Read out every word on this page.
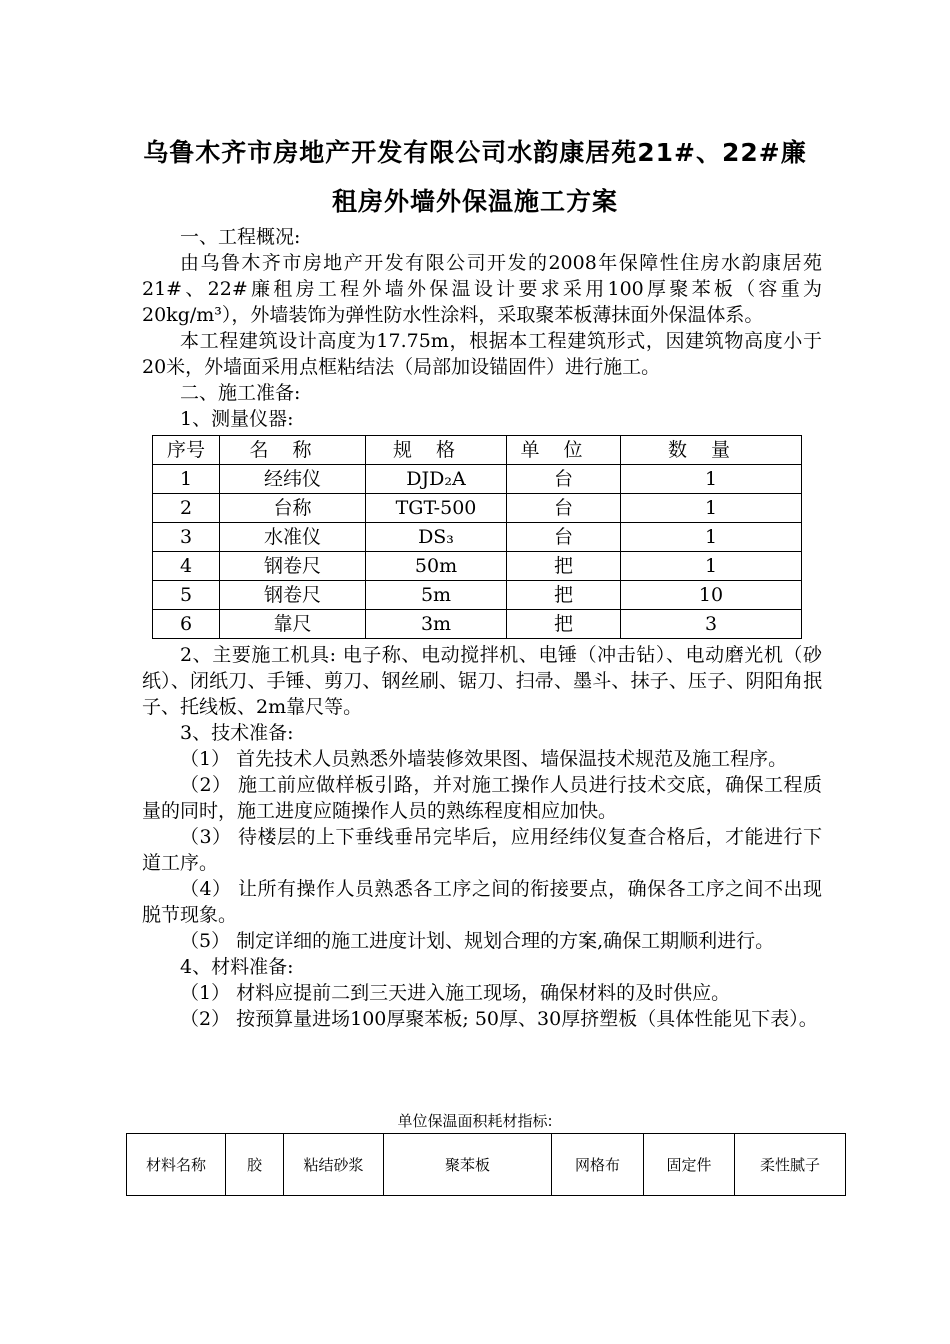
乌鲁木齐市房地产开发有限公司水韵康居苑21#、22#廉
租房外墙外保温施工方案

一、工程概况:

由乌鲁木齐市房地产开发有限公司开发的2008年保障性住房水韵康居苑21#、22#廉租房工程外墙外保温设计要求采用100厚聚苯板（容重为20kg/m³），外墙装饰为弹性防水性涂料，采取聚苯板薄抹面外保温体系。

本工程建筑设计高度为17.75m，根据本工程建筑形式，因建筑物高度小于20米，外墙面采用点框粘结法（局部加设锚固件）进行施工。

二、施工准备:

1、测量仪器:

序号	名称	规格	单位	数量
1	经纬仪	DJD₂A	台	1
2	台称	TGT-500	台	1
3	水准仪	DS₃	台	1
4	钢卷尺	50m	把	1
5	钢卷尺	5m	把	10
6	靠尺	3m	把	3

2、主要施工机具: 电子称、电动搅拌机、电锤（冲击钻）、电动磨光机（砂纸）、闭纸刀、手锤、剪刀、钢丝刷、锯刀、扫帚、墨斗、抹子、压子、阴阳角抿子、托线板、2m靠尺等。

3、技术准备:

（1） 首先技术人员熟悉外墙装修效果图、墙保温技术规范及施工程序。

（2） 施工前应做样板引路，并对施工操作人员进行技术交底，确保工程质量的同时，施工进度应随操作人员的熟练程度相应加快。

（3） 待楼层的上下垂线垂吊完毕后，应用经纬仪复查合格后，才能进行下道工序。

（4） 让所有操作人员熟悉各工序之间的衔接要点，确保各工序之间不出现脱节现象。

（5） 制定详细的施工进度计划、规划合理的方案,确保工期顺利进行。

4、材料准备:

（1） 材料应提前二到三天进入施工现场，确保材料的及时供应。

（2） 按预算量进场100厚聚苯板; 50厚、30厚挤塑板（具体性能见下表）。

单位保温面积耗材指标:
材料名称	胶	粘结砂浆	聚苯板	网格布	固定件	柔性腻子
